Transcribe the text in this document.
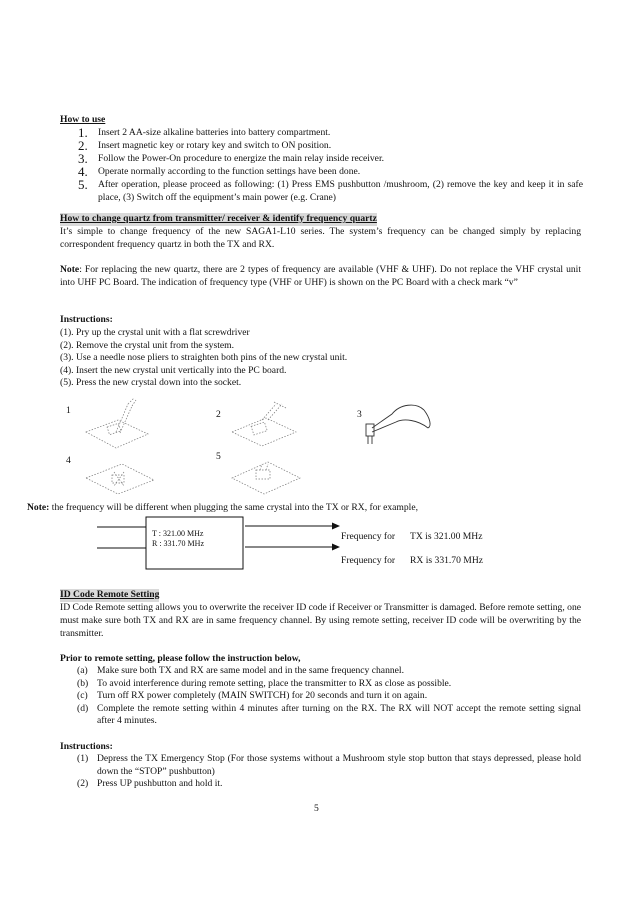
How to use
1. Insert 2 AA-size alkaline batteries into battery compartment.
2. Insert magnetic key or rotary key and switch to ON position.
3. Follow the Power-On procedure to energize the main relay inside receiver.
4. Operate normally according to the function settings have been done.
5. After operation, please proceed as following: (1) Press EMS pushbutton /mushroom, (2) remove the key and keep it in safe place, (3) Switch off the equipment’s main power (e.g. Crane)
How to change quartz from transmitter/ receiver & identify frequency quartz
It’s simple to change frequency of the new SAGA1-L10 series. The system’s frequency can be changed simply by replacing correspondent frequency quartz in both the TX and RX.
Note: For replacing the new quartz, there are 2 types of frequency are available (VHF & UHF). Do not replace the VHF crystal unit into UHF PC Board. The indication of frequency type (VHF or UHF) is shown on the PC Board with a check mark “v”
Instructions:
(1). Pry up the crystal unit with a flat screwdriver
(2). Remove the crystal unit from the system.
(3). Use a needle nose pliers to straighten both pins of the new crystal unit.
(4). Insert the new crystal unit vertically into the PC board.
(5). Press the new crystal down into the socket.
1	2	3
4	5
Note: the frequency will be different when plugging the same crystal into the TX or RX, for example,
T : 321.00 MHz
R : 331.70 MHz
Frequency for TX is 321.00 MHz
Frequency for RX is 331.70 MHz
ID Code Remote Setting
ID Code Remote setting allows you to overwrite the receiver ID code if Receiver or Transmitter is damaged. Before remote setting, one must make sure both TX and RX are in same frequency channel. By using remote setting, receiver ID code will be overwriting by the transmitter.
Prior to remote setting, please follow the instruction below,
(a) Make sure both TX and RX are same model and in the same frequency channel.
(b) To avoid interference during remote setting, place the transmitter to RX as close as possible.
(c) Turn off RX power completely (MAIN SWITCH) for 20 seconds and turn it on again.
(d) Complete the remote setting within 4 minutes after turning on the RX. The RX will NOT accept the remote setting signal after 4 minutes.
Instructions:
(1) Depress the TX Emergency Stop (For those systems without a Mushroom style stop button that stays depressed, please hold down the “STOP” pushbutton)
(2) Press UP pushbutton and hold it.
5
